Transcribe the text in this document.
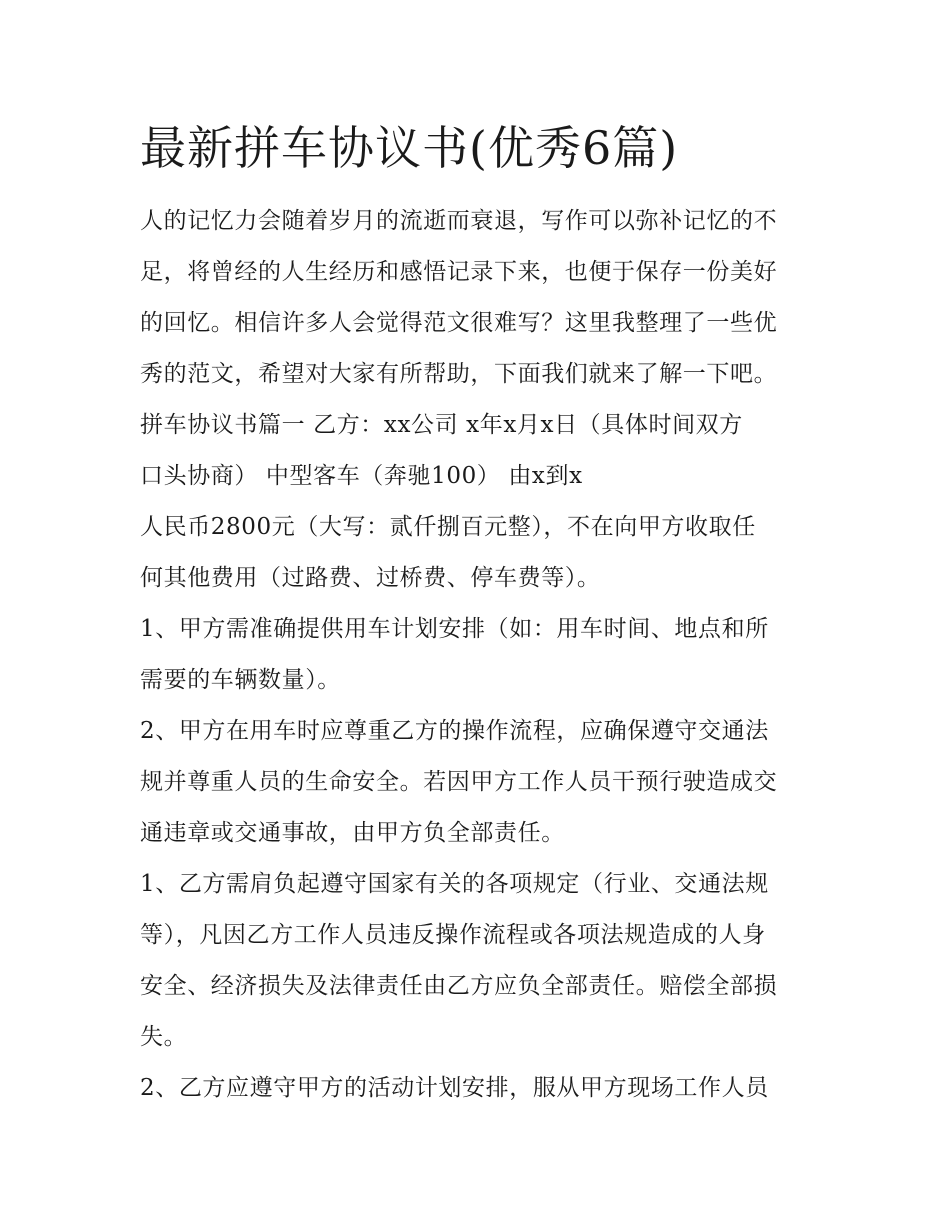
最新拼车协议书(优秀6篇)

人的记忆力会随着岁月的流逝而衰退，写作可以弥补记忆的不

足，将曾经的人生经历和感悟记录下来，也便于保存一份美好

的回忆。相信许多人会觉得范文很难写？这里我整理了一些优

秀的范文，希望对大家有所帮助，下面我们就来了解一下吧。

拼车协议书篇一 乙方：xx公司 x年x月x日（具体时间双方

口头协商） 中型客车（奔驰100） 由x到x

人民币2800元（大写：贰仟捌百元整），不在向甲方收取任

何其他费用（过路费、过桥费、停车费等）。

1、甲方需准确提供用车计划安排（如：用车时间、地点和所

需要的车辆数量）。

2、甲方在用车时应尊重乙方的操作流程，应确保遵守交通法

规并尊重人员的生命安全。若因甲方工作人员干预行驶造成交

通违章或交通事故，由甲方负全部责任。

1、乙方需肩负起遵守国家有关的各项规定（行业、交通法规

等），凡因乙方工作人员违反操作流程或各项法规造成的人身

安全、经济损失及法律责任由乙方应负全部责任。赔偿全部损

失。

2、乙方应遵守甲方的活动计划安排，服从甲方现场工作人员
